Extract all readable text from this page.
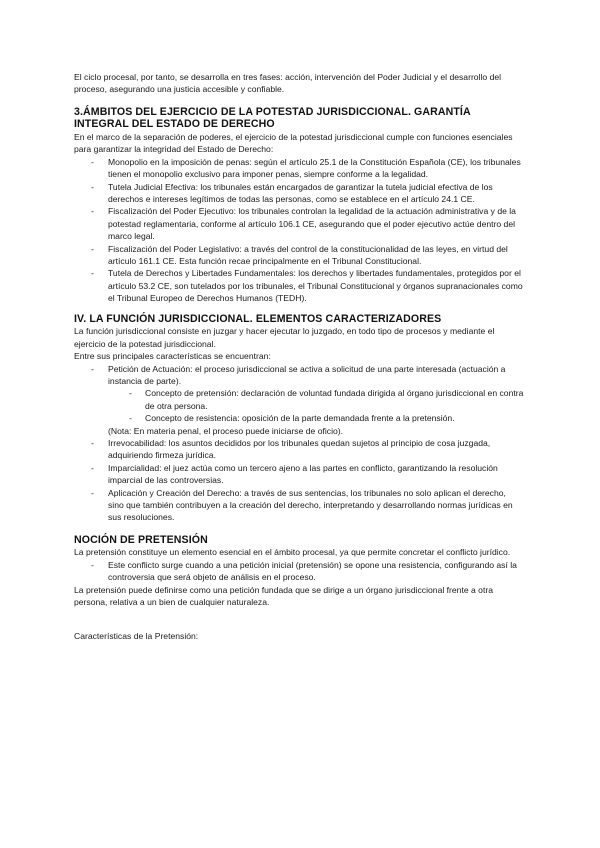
El ciclo procesal, por tanto, se desarrolla en tres fases: acción, intervención del Poder Judicial y el desarrollo del proceso, asegurando una justicia accesible y confiable.

3.ÁMBITOS DEL EJERCICIO DE LA POTESTAD JURISDICCIONAL. GARANTÍA INTEGRAL DEL ESTADO DE DERECHO

En el marco de la separación de poderes, el ejercicio de la potestad jurisdiccional cumple con funciones esenciales para garantizar la integridad del Estado de Derecho:

- Monopolio en la imposición de penas: según el artículo 25.1 de la Constitución Española (CE), los tribunales tienen el monopolio exclusivo para imponer penas, siempre conforme a la legalidad.
- Tutela Judicial Efectiva: los tribunales están encargados de garantizar la tutela judicial efectiva de los derechos e intereses legítimos de todas las personas, como se establece en el artículo 24.1 CE.
- Fiscalización del Poder Ejecutivo: los tribunales controlan la legalidad de la actuación administrativa y de la potestad reglamentaria, conforme al artículo 106.1 CE, asegurando que el poder ejecutivo actúe dentro del marco legal.
- Fiscalización del Poder Legislativo: a través del control de la constitucionalidad de las leyes, en virtud del artículo 161.1 CE. Esta función recae principalmente en el Tribunal Constitucional.
- Tutela de Derechos y Libertades Fundamentales: los derechos y libertades fundamentales, protegidos por el artículo 53.2 CE, son tutelados por los tribunales, el Tribunal Constitucional y órganos supranacionales como el Tribunal Europeo de Derechos Humanos (TEDH).
IV. LA FUNCIÓN JURISDICCIONAL. ELEMENTOS CARACTERIZADORES

La función jurisdiccional consiste en juzgar y hacer ejecutar lo juzgado, en todo tipo de procesos y mediante el ejercicio de la potestad jurisdiccional.

Entre sus principales características se encuentran:

- Petición de Actuación: el proceso jurisdiccional se activa a solicitud de una parte interesada (actuación a instancia de parte).
- Concepto de pretensión: declaración de voluntad fundada dirigida al órgano jurisdiccional en contra de otra persona.
- Concepto de resistencia: oposición de la parte demandada frente a la pretensión.

(Nota: En materia penal, el proceso puede iniciarse de oficio).

- Irrevocabilidad: los asuntos decididos por los tribunales quedan sujetos al principio de cosa juzgada, adquiriendo firmeza jurídica.
- Imparcialidad: el juez actúa como un tercero ajeno a las partes en conflicto, garantizando la resolución imparcial de las controversias.
- Aplicación y Creación del Derecho: a través de sus sentencias, los tribunales no solo aplican el derecho, sino que también contribuyen a la creación del derecho, interpretando y desarrollando normas jurídicas en sus resoluciones.
NOCIÓN DE PRETENSIÓN

La pretensión constituye un elemento esencial en el ámbito procesal, ya que permite concretar el conflicto jurídico.

- Este conflicto surge cuando a una petición inicial (pretensión) se opone una resistencia, configurando así la controversia que será objeto de análisis en el proceso.

La pretensión puede definirse como una petición fundada que se dirige a un órgano jurisdiccional frente a otra persona, relativa a un bien de cualquier naturaleza.

Características de la Pretensión:
